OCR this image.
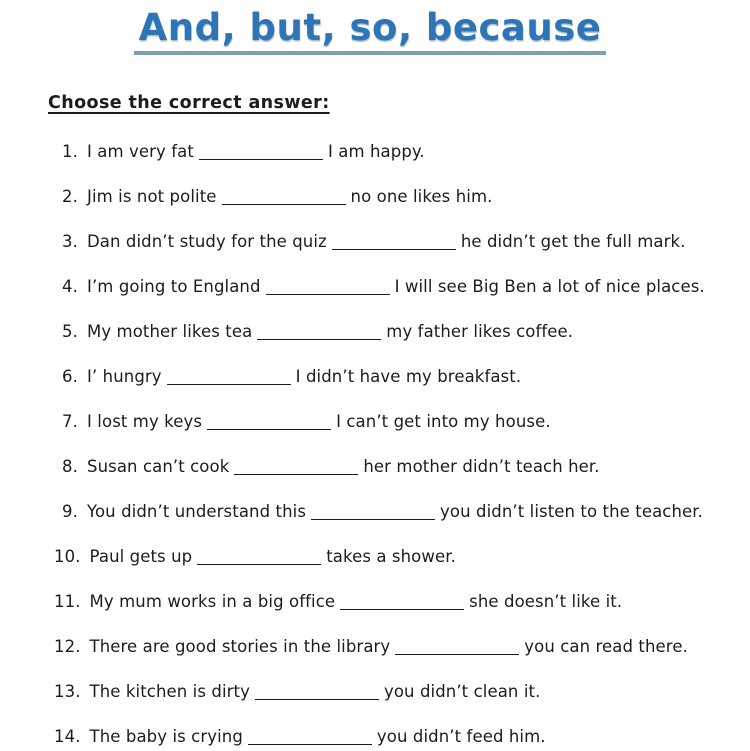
And, but, so, because
Choose the correct answer:
1. I am very fat	I am happy.
2. Jim is not polite	no one likes him.
3. Dan didn’t study for the quiz	he didn’t get the full mark.
4. I’m going to England	I will see Big Ben a lot of nice places.
5. My mother likes tea	my father likes coffee.
6. I’ hungry	I didn’t have my breakfast.
7. I lost my keys	I can’t get into my house.
8. Susan can’t cook	her mother didn’t teach her.
9. You didn’t understand this	you didn’t listen to the teacher.
10. Paul gets up	takes a shower.
11. My mum works in a big office	she doesn’t like it.
12. There are good stories in the library	you can read there.
13. The kitchen is dirty	you didn’t clean it.
14. The baby is crying	you didn’t feed him.
